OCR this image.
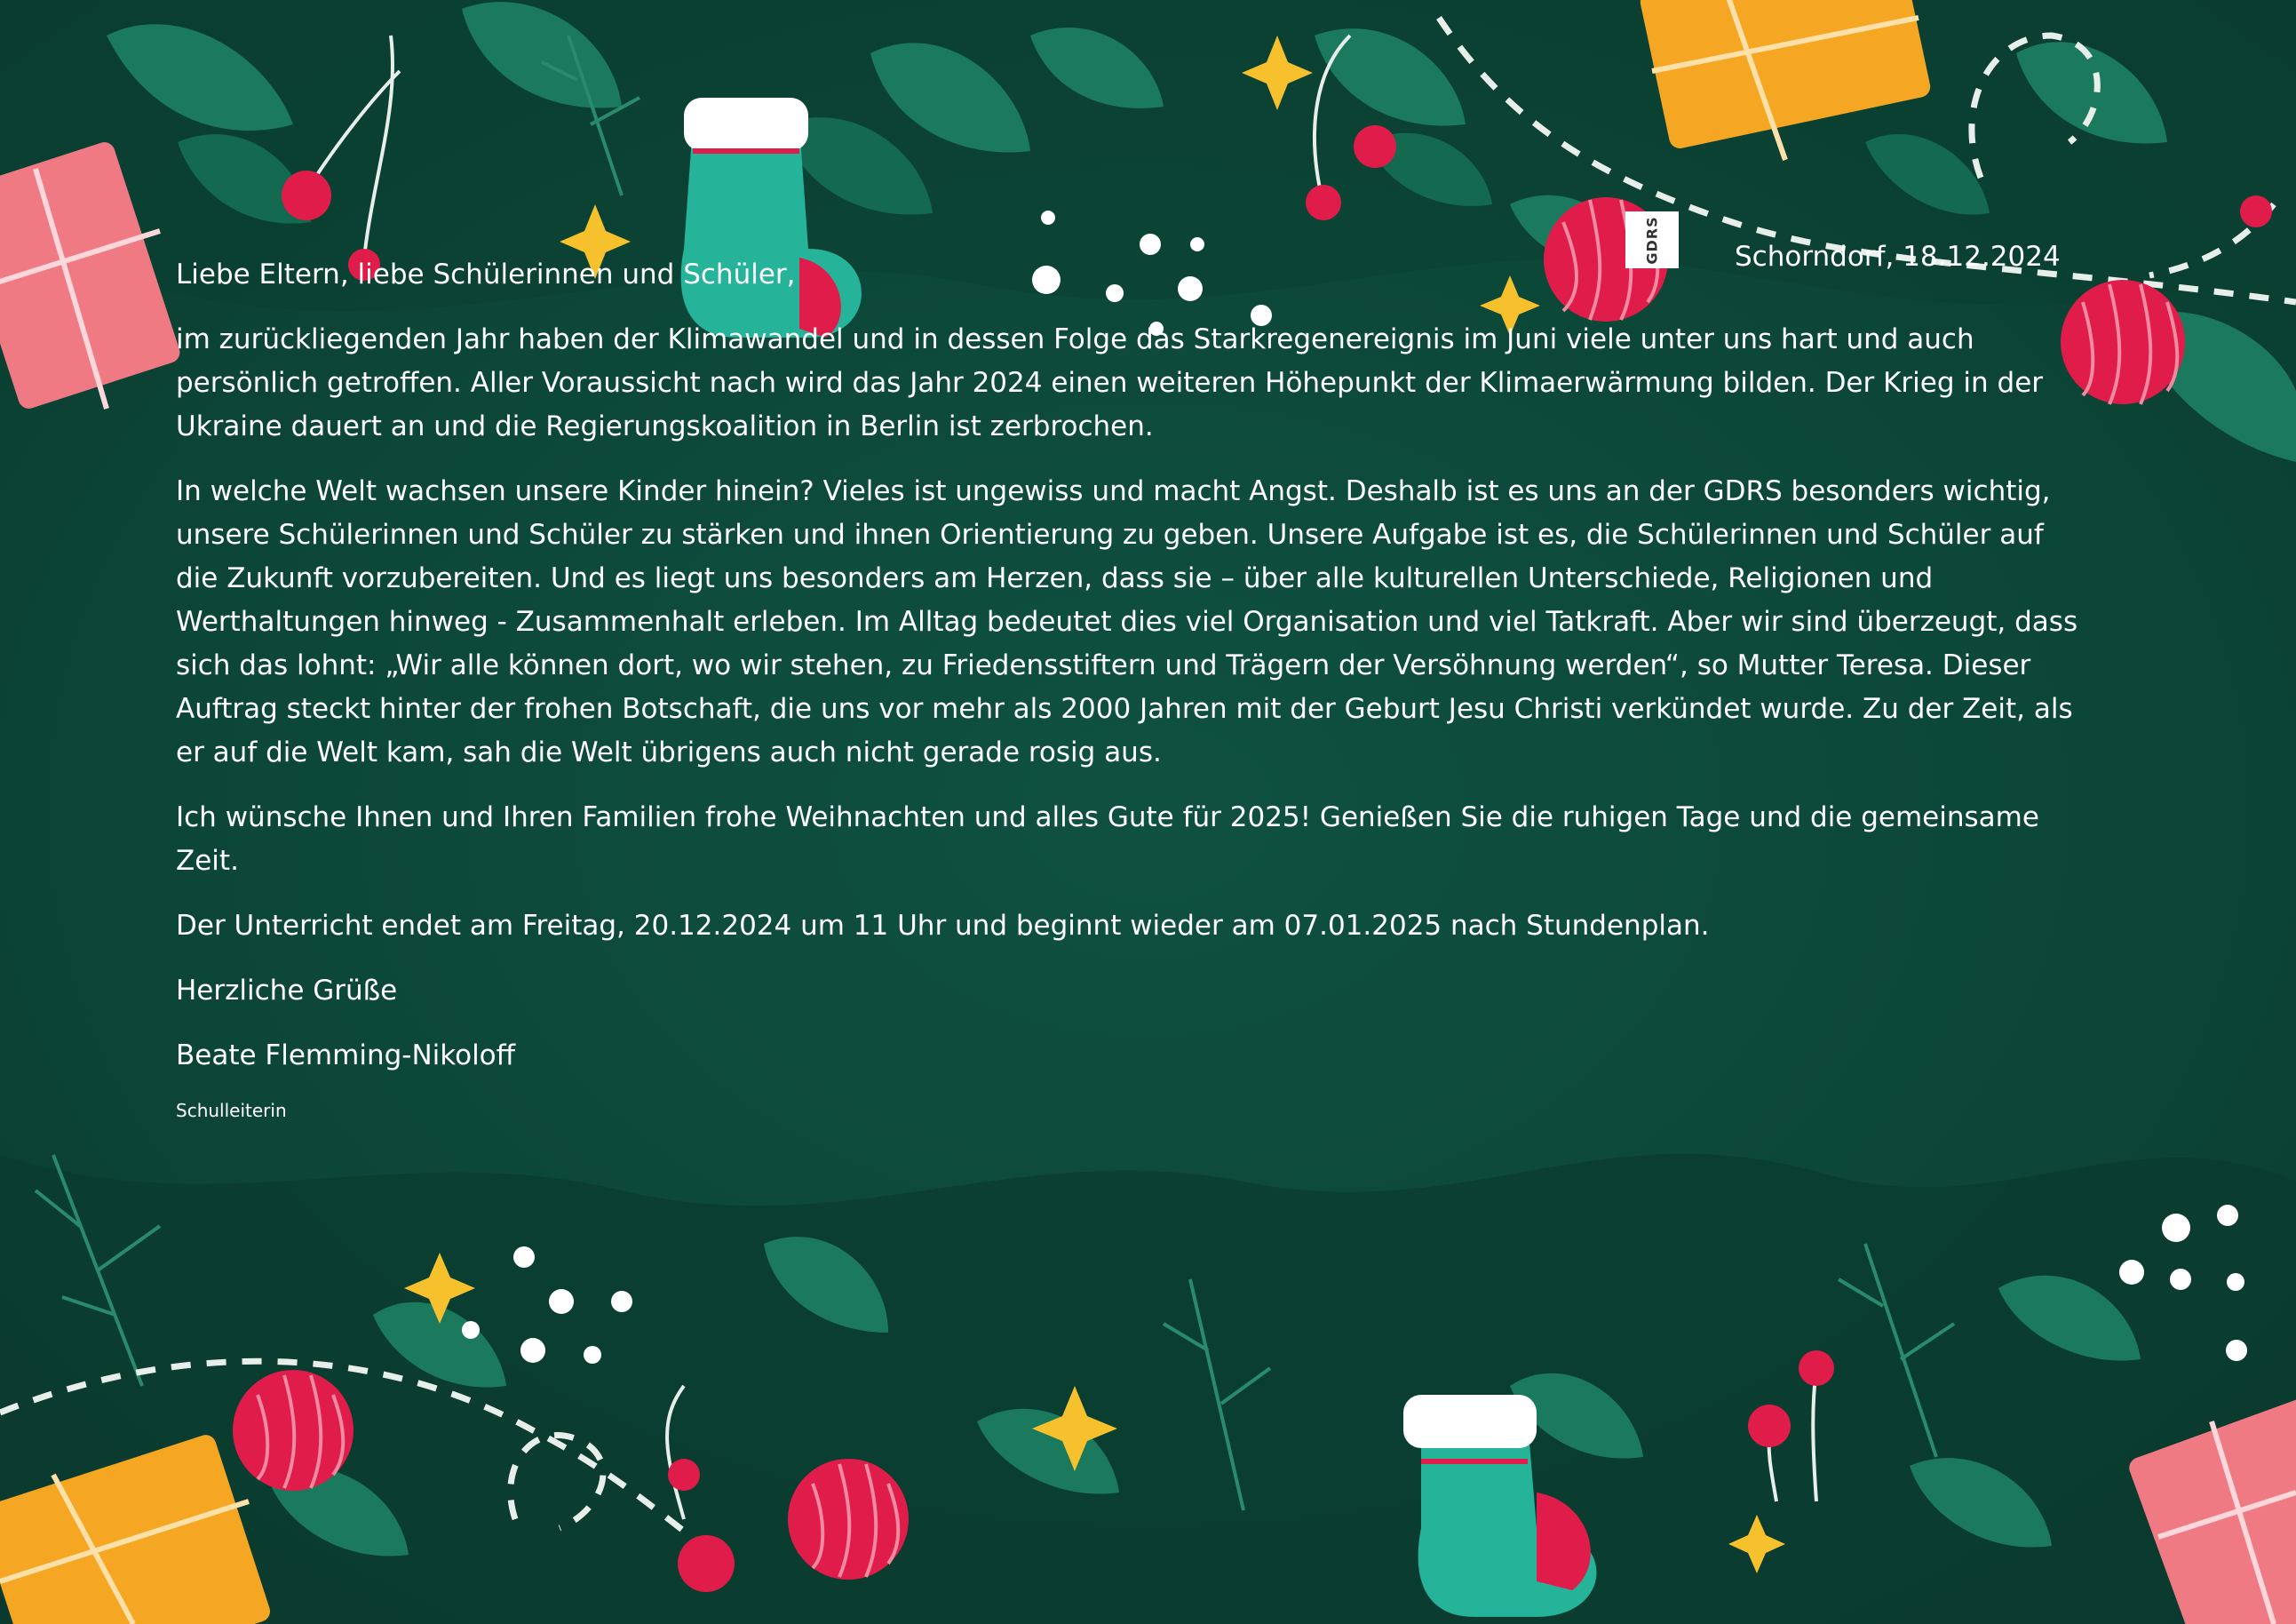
GDRS	Schorndorf, 18.12.2024

Liebe Eltern, liebe Schülerinnen und Schüler,

im zurückliegenden Jahr haben der Klimawandel und in dessen Folge das Starkregenereignis im Juni viele unter uns hart und auch persönlich getroffen. Aller Voraussicht nach wird das Jahr 2024 einen weiteren Höhepunkt der Klimaerwärmung bilden. Der Krieg in der Ukraine dauert an und die Regierungskoalition in Berlin ist zerbrochen.

In welche Welt wachsen unsere Kinder hinein? Vieles ist ungewiss und macht Angst. Deshalb ist es uns an der GDRS besonders wichtig, unsere Schülerinnen und Schüler zu stärken und ihnen Orientierung zu geben. Unsere Aufgabe ist es, die Schülerinnen und Schüler auf die Zukunft vorzubereiten. Und es liegt uns besonders am Herzen, dass sie – über alle kulturellen Unterschiede, Religionen und Werthaltungen hinweg - Zusammenhalt erleben. Im Alltag bedeutet dies viel Organisation und viel Tatkraft. Aber wir sind überzeugt, dass sich das lohnt: „Wir alle können dort, wo wir stehen, zu Friedensstiftern und Trägern der Versöhnung werden“, so Mutter Teresa. Dieser Auftrag steckt hinter der frohen Botschaft, die uns vor mehr als 2000 Jahren mit der Geburt Jesu Christi verkündet wurde. Zu der Zeit, als er auf die Welt kam, sah die Welt übrigens auch nicht gerade rosig aus.

Ich wünsche Ihnen und Ihren Familien frohe Weihnachten und alles Gute für 2025! Genießen Sie die ruhigen Tage und die gemeinsame Zeit.

Der Unterricht endet am Freitag, 20.12.2024 um 11 Uhr und beginnt wieder am 07.01.2025 nach Stundenplan.

Herzliche Grüße

Beate Flemming-Nikoloff

Schulleiterin
